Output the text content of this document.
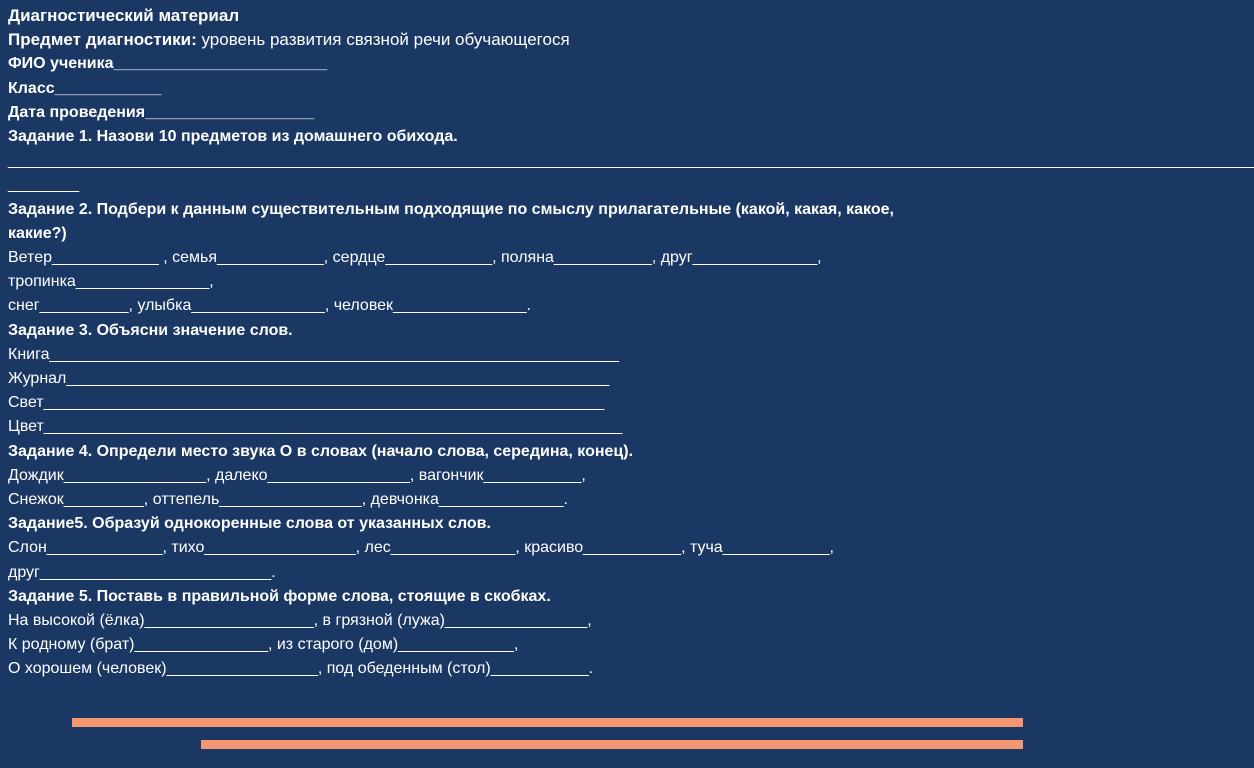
Диагностический материал
Предмет диагностики: уровень развития связной речи обучающегося
ФИО ученика________________________
Класс____________
Дата проведения___________________
Задание 1. Назови 10 предметов из домашнего обихода.
____________________________________________________________________________________________________________________________________________
________
Задание 2. Подбери к данным существительным подходящие по смыслу прилагательные (какой, какая, какое,
какие?)
Ветер____________ , семья____________, сердце____________, поляна___________, друг______________,
тропинка_______________,
снег__________, улыбка_______________, человек_______________.
Задание 3. Объясни значение слов.
Книга________________________________________________________________
Журнал_____________________________________________________________
Свет_______________________________________________________________
Цвет_________________________________________________________________
Задание 4. Определи место звука О в словах (начало слова, середина, конец).
Дождик________________, далеко________________, вагончик___________,
Снежок_________, оттепель________________, девчонка______________.
Задание5. Образуй однокоренные слова от указанных слов.
Слон_____________, тихо_________________, лес______________, красиво___________, туча____________,
друг__________________________.
Задание 5. Поставь в правильной форме слова, стоящие в скобках.
На высокой (ёлка)___________________, в грязной (лужа)________________,
К родному (брат)_______________, из старого (дом)_____________,
О хорошем (человек)_________________, под обеденным (стол)___________.
